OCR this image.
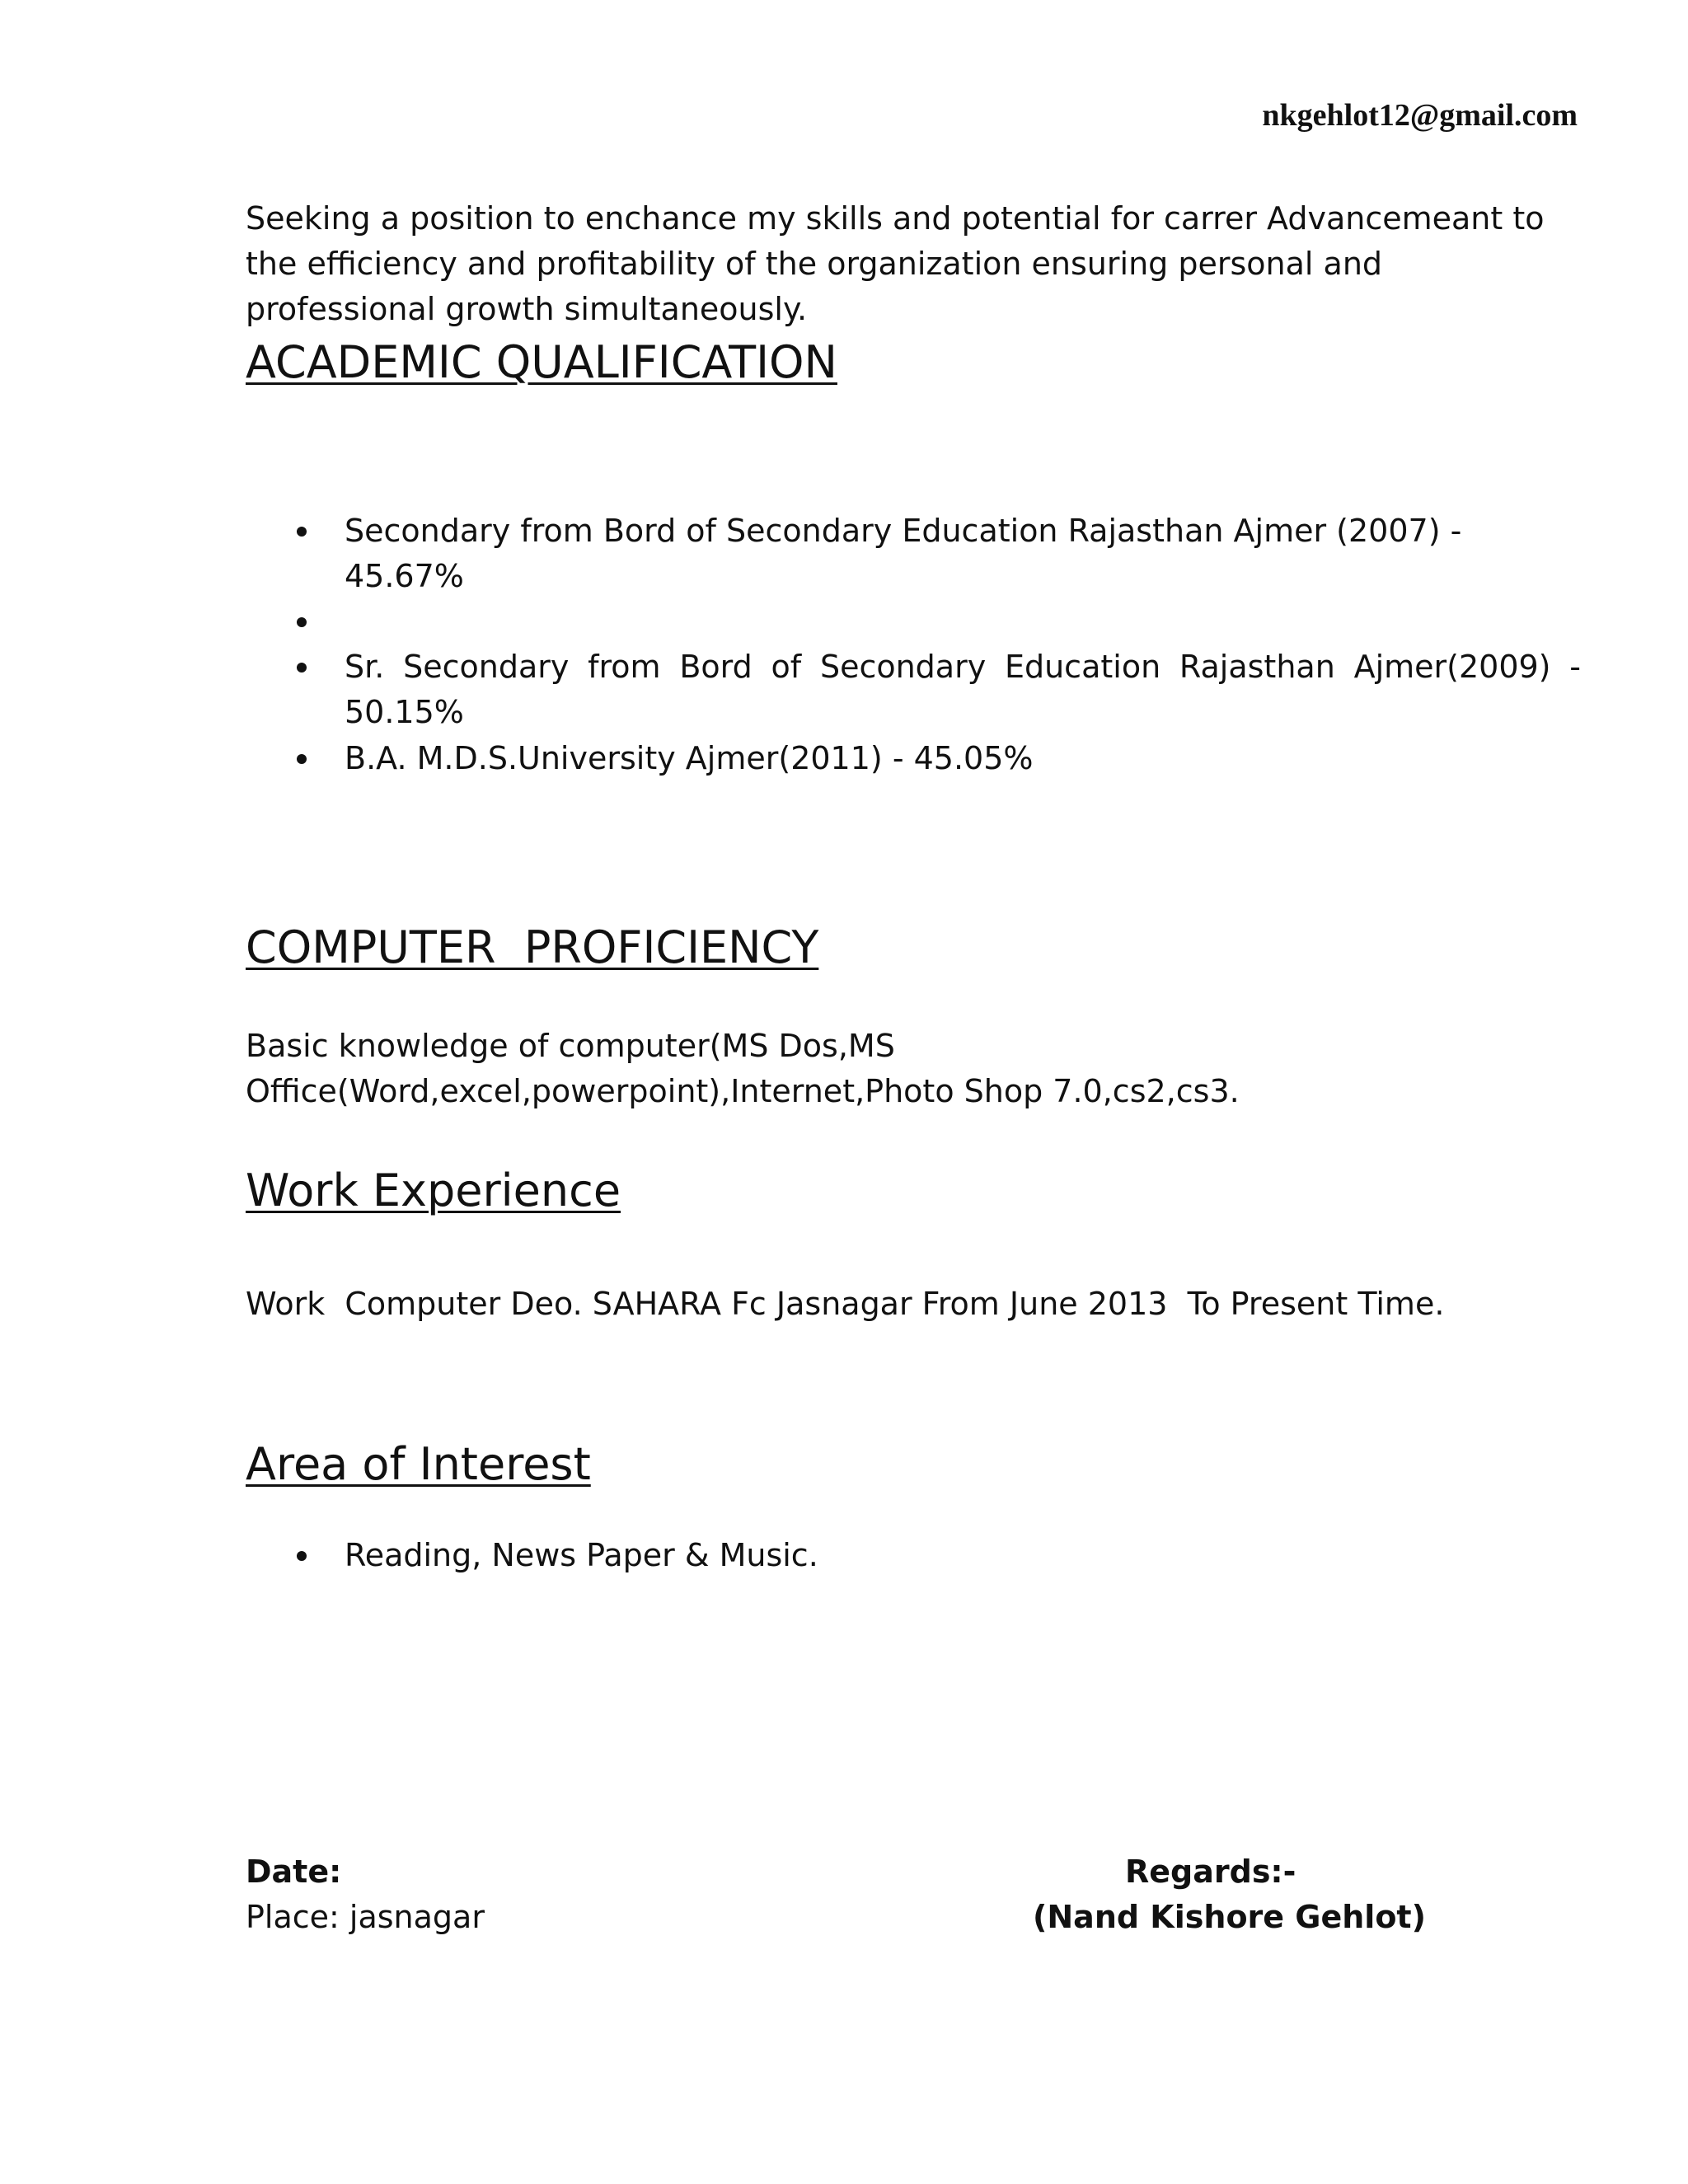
nkgehlot12@gmail.com
Seeking a position to enchance my skills and potential for carrer Advancemeant to the efficiency and profitability of the organization ensuring personal and professional growth simultaneously.
ACADEMIC QUALIFICATION
Secondary from Bord of Secondary Education Rajasthan Ajmer (2007) - 45.67%
Sr. Secondary from Bord of Secondary Education Rajasthan Ajmer(2009) -
50.15%
B.A. M.D.S.University Ajmer(2011) - 45.05%
COMPUTER  PROFICIENCY
Basic knowledge of computer(MS Dos,MS
Office(Word,excel,powerpoint),Internet,Photo Shop 7.0,cs2,cs3.
Work Experience
Work  Computer Deo. SAHARA Fc Jasnagar From June 2013  To Present Time.
Area of Interest
Reading, News Paper & Music.
Date:
Place: jasnagar
Regards:-
(Nand Kishore Gehlot)
